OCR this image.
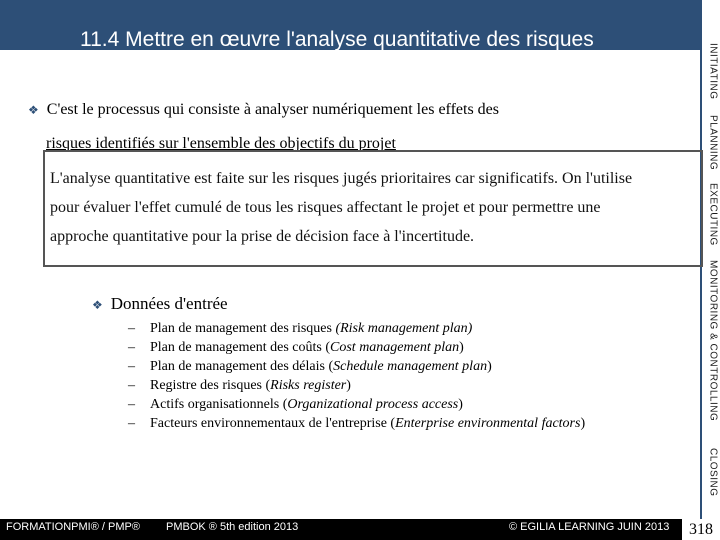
11.4 Mettre en œuvre l'analyse quantitative des risques
INITIATING
PLANNING
EXECUTING
MONITORING & CONTROLLING
CLOSING
❖ C'est le processus qui consiste à analyser numériquement les effets des
risques identifiés sur l'ensemble des objectifs du projet
L'analyse quantitative est faite sur les risques jugés prioritaires car significatifs. On l'utilise pour évaluer l'effet cumulé de tous les risques affectant le projet et pour permettre une approche quantitative pour la prise de décision face à l'incertitude.
❖ Données d'entrée
– Plan de management des risques (Risk management plan)
– Plan de management des coûts (Cost management plan)
– Plan de management des délais (Schedule management plan)
– Registre des risques (Risks register)
– Actifs organisationnels (Organizational process access)
– Facteurs environnementaux de l'entreprise (Enterprise environmental factors)
FORMATIONPMI® / PMP® PMBOK ® 5th edition 2013	© EGILIA LEARNING JUIN 2013	318
